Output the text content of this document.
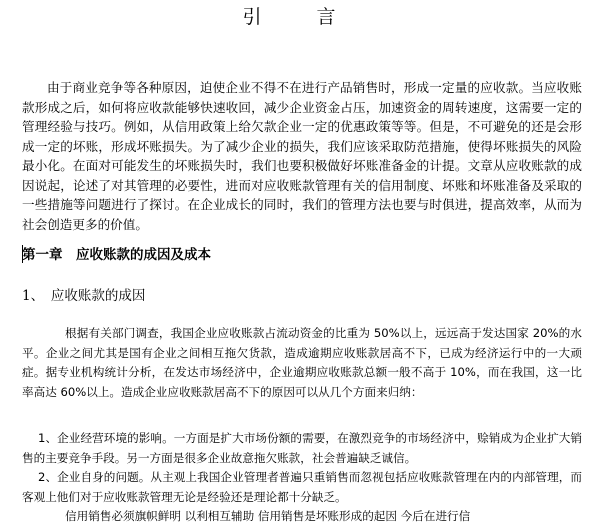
引　言

由于商业竞争等各种原因，迫使企业不得不在进行产品销售时，形成一定量的应收款。当应收账款形成之后，如何将应收款能够快速收回，减少企业资金占压，加速资金的周转速度，这需要一定的管理经验与技巧。例如，从信用政策上给欠款企业一定的优惠政策等等。但是，不可避免的还是会形成一定的坏账，形成坏账损失。为了减少企业的损失，我们应该采取防范措施，使得坏账损失的风险最小化。在面对可能发生的坏账损失时，我们也要积极做好坏账准备金的计提。文章从应收账款的成因说起，论述了对其管理的必要性，进而对应收账款管理有关的信用制度、坏账和坏账准备及采取的一些措施等问题进行了探讨。在企业成长的同时，我们的管理方法也要与时俱进，提高效率，从而为社会创造更多的价值。

第一章　应收账款的成因及成本

1、　应收账款的成因

根据有关部门调查，我国企业应收账款占流动资金的比重为 50%以上，远远高于发达国家 20%的水平。企业之间尤其是国有企业之间相互拖欠货款，造成逾期应收账款居高不下，已成为经济运行中的一大顽症。据专业机构统计分析，在发达市场经济中，企业逾期应收账款总额一般不高于 10%，而在我国，这一比率高达 60%以上。造成企业应收账款居高不下的原因可以从几个方面来归纳：

1、企业经营环境的影响。一方面是扩大市场份额的需要，在激烈竞争的市场经济中，赊销成为企业扩大销售的主要竞争手段。另一方面是很多企业故意拖欠账款，社会普遍缺乏诚信。

2、企业自身的问题。从主观上我国企业管理者普遍只重销售而忽视包括应收账款管理在内的内部管理，而客观上他们对于应收账款管理无论是经验还是理论都十分缺乏。

信用销售必须旗帜鲜明 以利相互辅助 信用销售是坏账形成的起因 今后在进行信
